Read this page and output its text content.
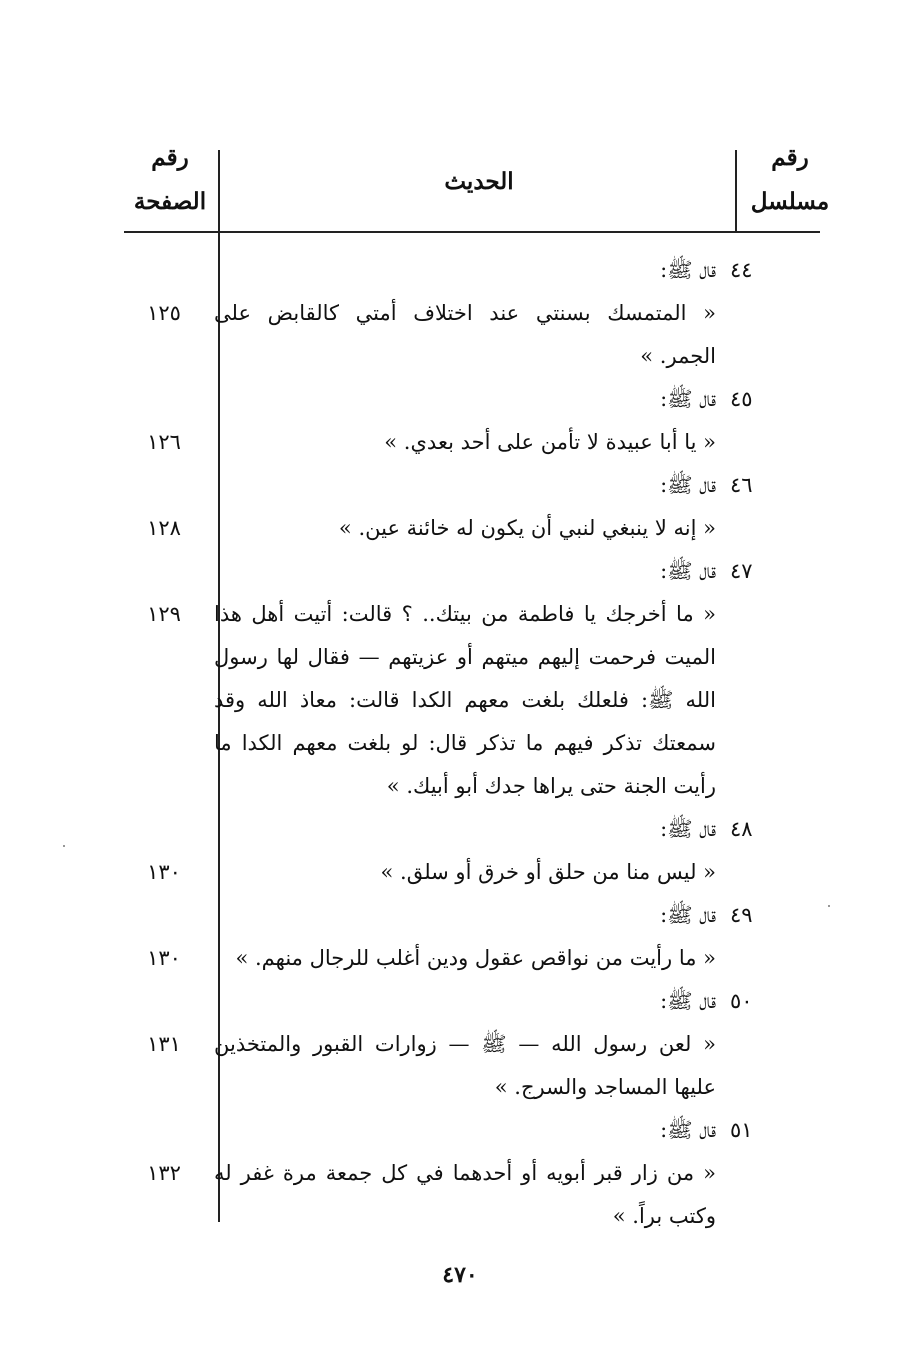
رقم
مسلسل
الحديث
رقم
الصفحة
٤٤
قال ﷺ:
« المتمسك بسنتي عند اختلاف أمتي كالقابض على
الجمر. »
١٢٥
٤٥
قال ﷺ:
« يا أبا عبيدة لا تأمن على أحد بعدي. »
١٢٦
٤٦
قال ﷺ:
« إنه لا ينبغي لنبي أن يكون له خائنة عين. »
١٢٨
٤٧
قال ﷺ:
« ما أخرجك يا فاطمة من بيتك.. ؟ قالت: أتيت أهل هذا
الميت فرحمت إليهم ميتهم أو عزيتهم — فقال لها رسول
الله ﷺ: فلعلك بلغت معهم الكدا قالت: معاذ الله وقد
سمعتك تذكر فيهم ما تذكر قال: لو بلغت معهم الكدا ما
رأيت الجنة حتى يراها جدك أبو أبيك. »
١٢٩
٤٨
قال ﷺ:
« ليس منا من حلق أو خرق أو سلق. »
١٣٠
٤٩
قال ﷺ:
« ما رأيت من نواقص عقول ودين أغلب للرجال منهم. »
١٣٠
٥٠
قال ﷺ:
« لعن رسول الله — ﷺ — زوارات القبور والمتخذين
عليها المساجد والسرج. »
١٣١
٥١
قال ﷺ:
« من زار قبر أبويه أو أحدهما في كل جمعة مرة غفر له
وكتب براً. »
١٣٢
٤٧٠
